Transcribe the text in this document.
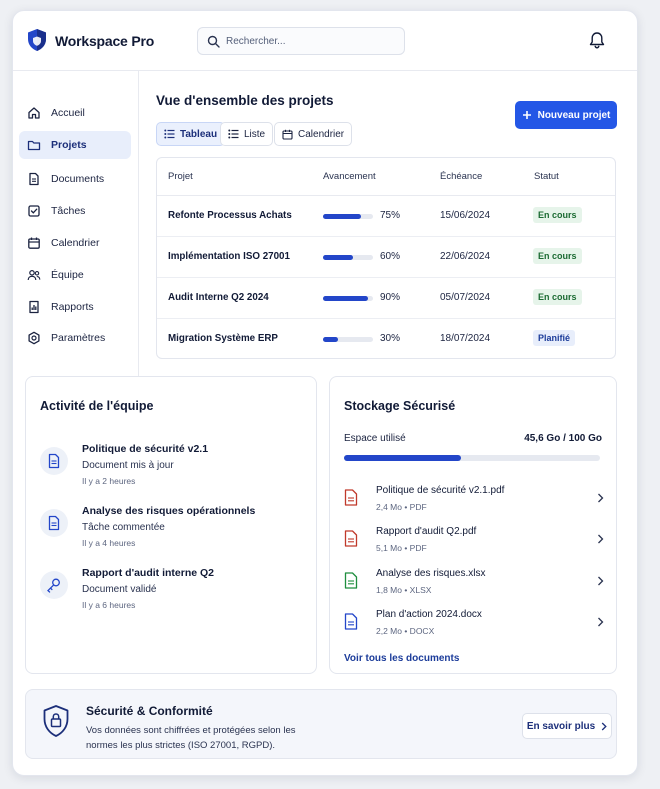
Workspace Pro
Rechercher...
Accueil
Projets
Documents
Tâches
Calendrier
Équipe
Rapports
Paramètres
Vue d'ensemble des projets
Nouveau projet
Tableau	Liste	Calendrier
Projet	Avancement	Échéance	Statut
Refonte Processus Achats	75%	15/06/2024	En cours
Implémentation ISO 27001	60%	22/06/2024	En cours
Audit Interne Q2 2024	90%	05/07/2024	En cours
Migration Système ERP	30%	18/07/2024	Planifié
Activité de l'équipe
Politique de sécurité v2.1
Document mis à jour
Il y a 2 heures
Analyse des risques opérationnels
Tâche commentée
Il y a 4 heures
Rapport d'audit interne Q2
Document validé
Il y a 6 heures
Stockage Sécurisé
Espace utilisé	45,6 Go / 100 Go
Politique de sécurité v2.1.pdf
2,4 Mo • PDF
Rapport d'audit Q2.pdf
5,1 Mo • PDF
Analyse des risques.xlsx
1,8 Mo • XLSX
Plan d'action 2024.docx
2,2 Mo • DOCX
Voir tous les documents
Sécurité & Conformité
Vos données sont chiffrées et protégées selon les normes les plus strictes (ISO 27001, RGPD).
En savoir plus
